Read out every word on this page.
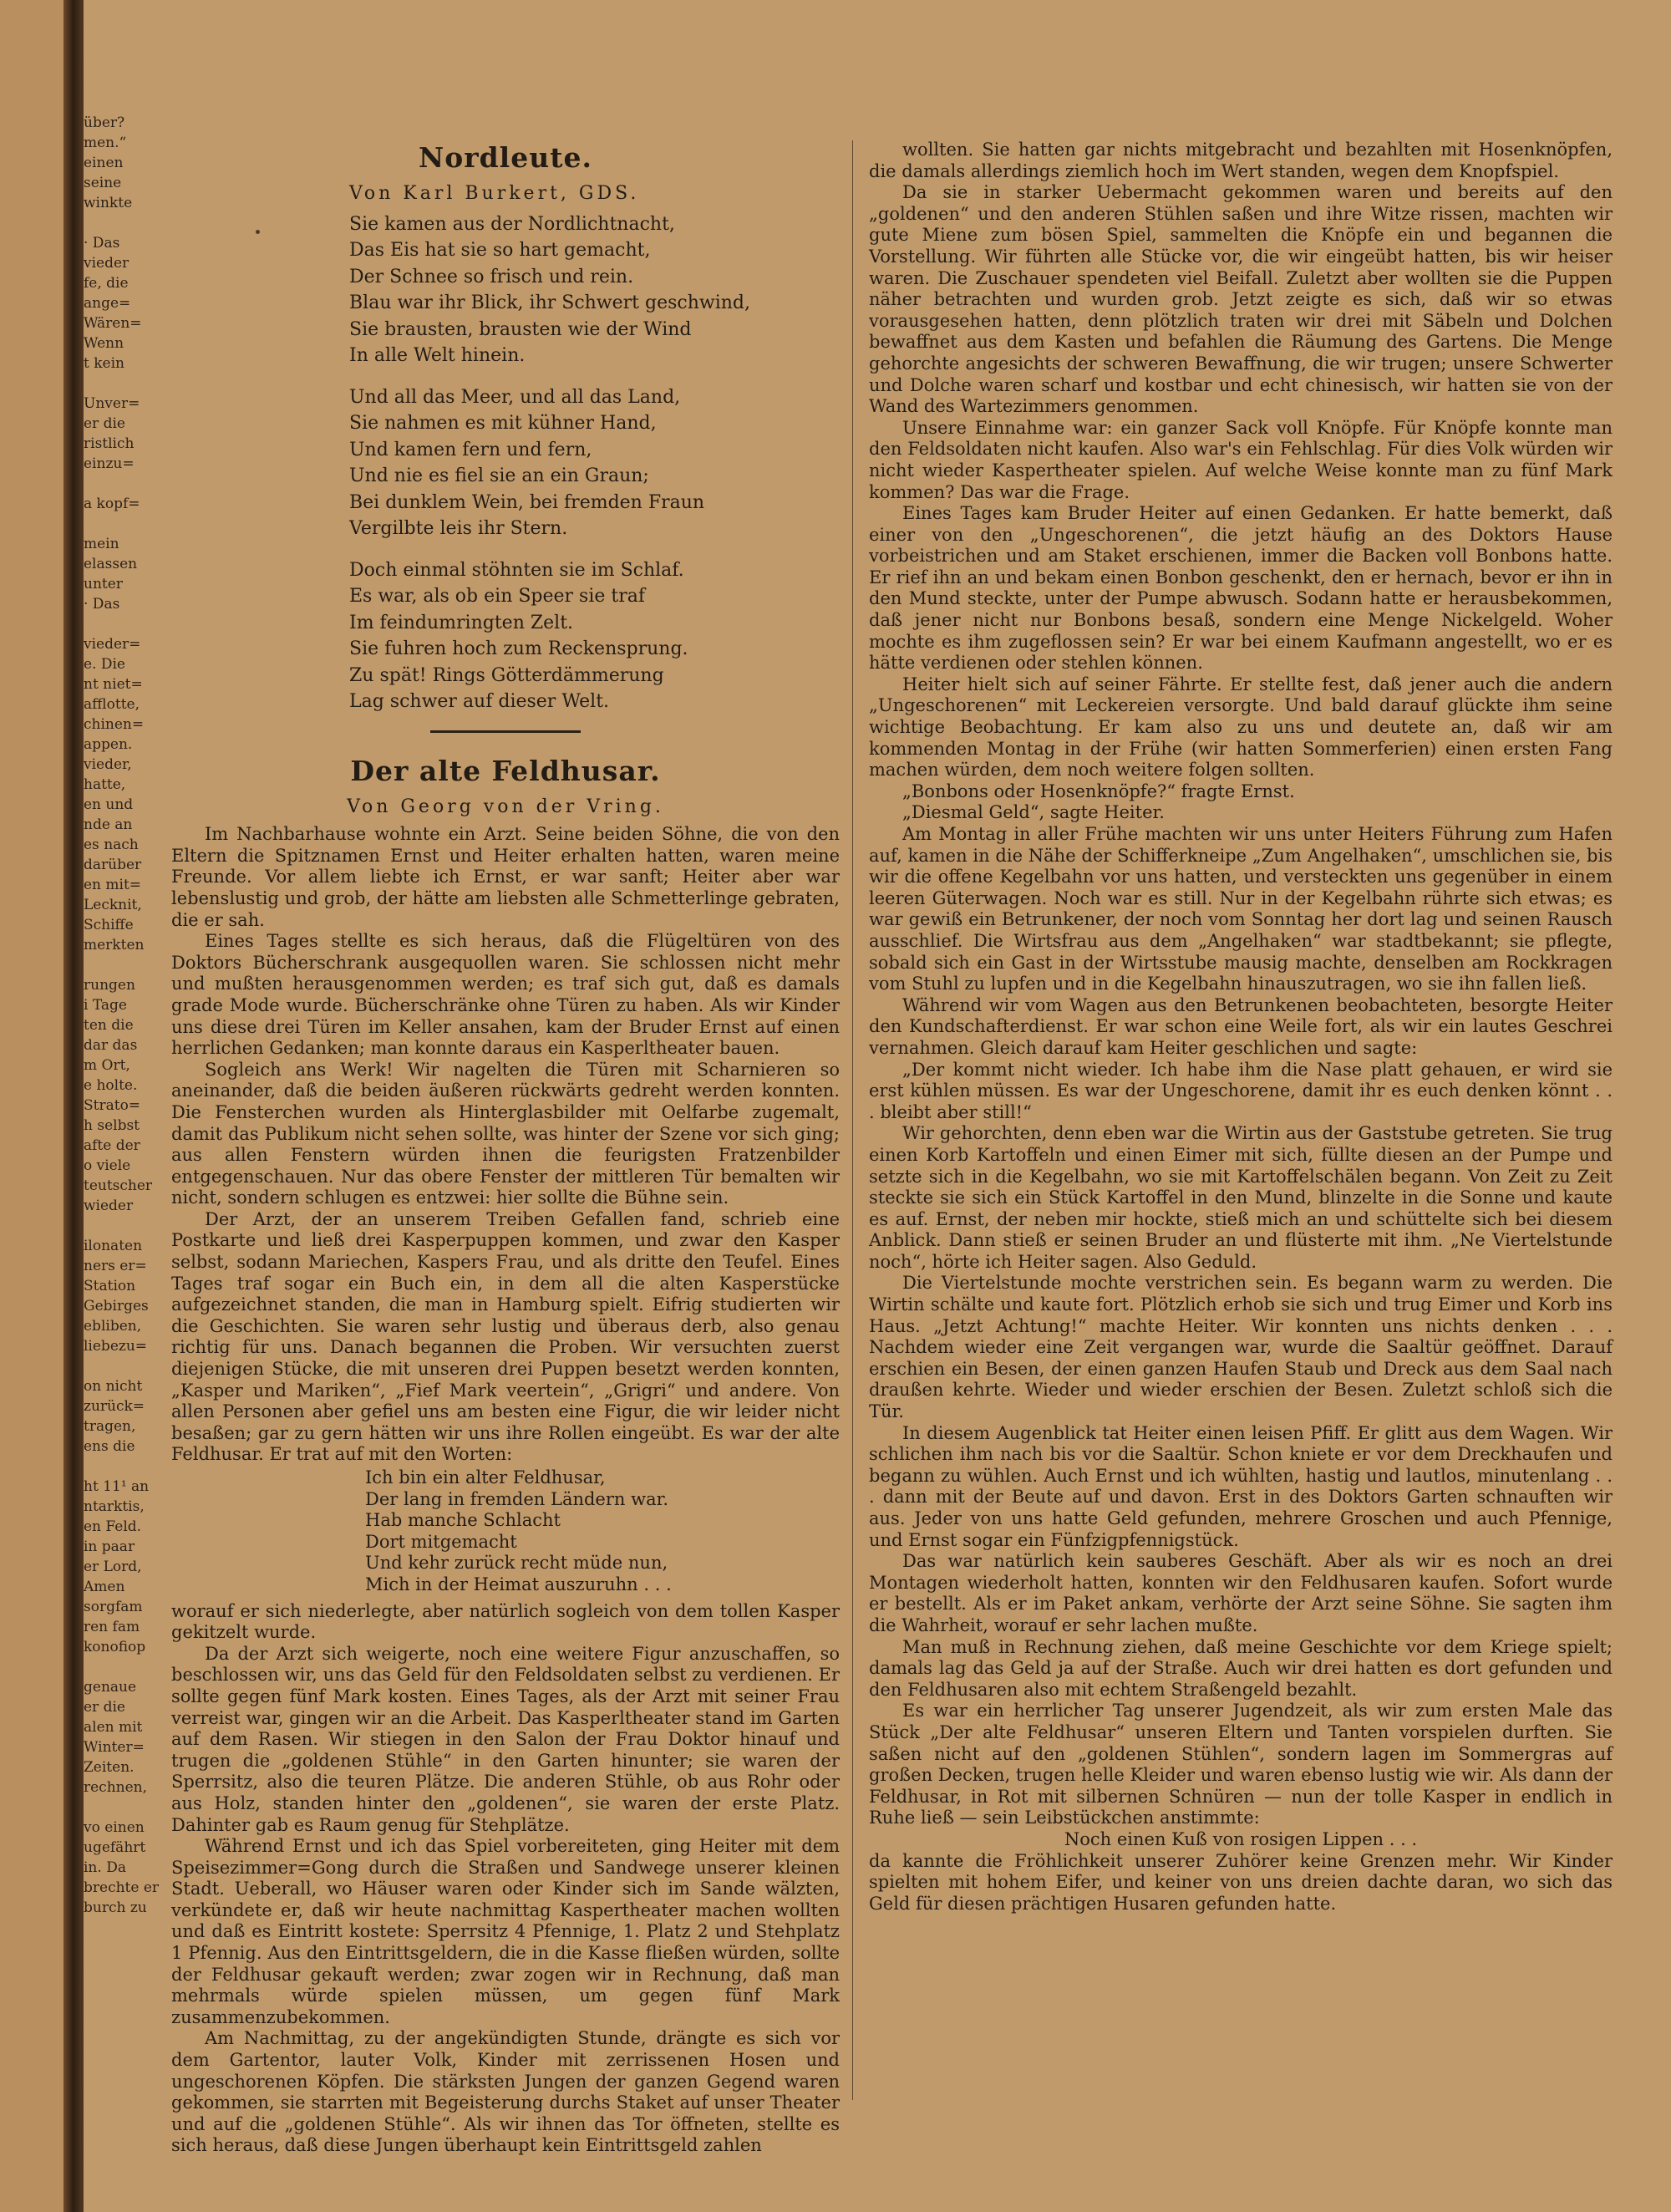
über?
men.“
einen
seine
winkte

· Das
vieder
fe, die
ange=
Wären=
Wenn
t kein

Unver=
er die
ristlich
einzu=

a kopf=

mein
elassen
unter
· Das

vieder=
e. Die
nt niet=
afflotte,
chinen=
appen.
vieder,
hatte,
en und
nde an
es nach
darüber
en mit=
Lecknit,
Schiffe
merkten

rungen
i Tage
ten die
dar das
m Ort,
e holte.
Strato=
h selbst
afte der
o viele
teutscher
wieder

ilonaten
ners er=
Station
Gebirges
ebliben,
liebezu=

on nicht
zurück=
tragen,
ens die

ht 11¹ an
ntarktis,
en Feld.
in paar
er Lord,
Amen
sorgfam
ren fam
konofiop

genaue
er die
alen mit
Winter=
Zeiten.
rechnen,

vo einen
ugefährt
in. Da
brechte er
burch zu
Nordleute.
Von Karl Burkert, GDS.
Sie kamen aus der Nordlichtnacht,
Das Eis hat sie so hart gemacht,
Der Schnee so frisch und rein.
Blau war ihr Blick, ihr Schwert geschwind,
Sie brausten, brausten wie der Wind
In alle Welt hinein.
Und all das Meer, und all das Land,
Sie nahmen es mit kühner Hand,
Und kamen fern und fern,
Und nie es fiel sie an ein Graun;
Bei dunklem Wein, bei fremden Fraun
Vergilbte leis ihr Stern.
Doch einmal stöhnten sie im Schlaf.
Es war, als ob ein Speer sie traf
Im feindumringten Zelt.
Sie fuhren hoch zum Reckensprung.
Zu spät! Rings Götterdämmerung
Lag schwer auf dieser Welt.
Der alte Feldhusar.
Von Georg von der Vring.

Im Nachbarhause wohnte ein Arzt. Seine beiden Söhne, die von den Eltern die Spitznamen Ernst und Heiter erhalten hatten, waren meine Freunde. Vor allem liebte ich Ernst, er war sanft; Heiter aber war lebenslustig und grob, der hätte am liebsten alle Schmetterlinge gebraten, die er sah.

Eines Tages stellte es sich heraus, daß die Flügeltüren von des Doktors Bücherschrank ausgequollen waren. Sie schlossen nicht mehr und mußten herausgenommen werden; es traf sich gut, daß es damals grade Mode wurde. Bücherschränke ohne Türen zu haben. Als wir Kinder uns diese drei Türen im Keller ansahen, kam der Bruder Ernst auf einen herrlichen Gedanken; man konnte daraus ein Kasperltheater bauen.

Sogleich ans Werk! Wir nagelten die Türen mit Scharnieren so aneinander, daß die beiden äußeren rückwärts gedreht werden konnten. Die Fensterchen wurden als Hinterglasbilder mit Oelfarbe zugemalt, damit das Publikum nicht sehen sollte, was hinter der Szene vor sich ging; aus allen Fenstern würden ihnen die feurigsten Fratzenbilder entgegenschauen. Nur das obere Fenster der mittleren Tür bemalten wir nicht, sondern schlugen es entzwei: hier sollte die Bühne sein.

Der Arzt, der an unserem Treiben Gefallen fand, schrieb eine Postkarte und ließ drei Kasperpuppen kommen, und zwar den Kasper selbst, sodann Mariechen, Kaspers Frau, und als dritte den Teufel. Eines Tages traf sogar ein Buch ein, in dem all die alten Kasperstücke aufgezeichnet standen, die man in Hamburg spielt. Eifrig studierten wir die Geschichten. Sie waren sehr lustig und überaus derb, also genau richtig für uns. Danach begannen die Proben. Wir versuchten zuerst diejenigen Stücke, die mit unseren drei Puppen besetzt werden konnten, „Kasper und Mariken“, „Fief Mark veertein“, „Grigri“ und andere. Von allen Personen aber gefiel uns am besten eine Figur, die wir leider nicht besaßen; gar zu gern hätten wir uns ihre Rollen eingeübt. Es war der alte Feldhusar. Er trat auf mit den Worten:

Ich bin ein alter Feldhusar,
Der lang in fremden Ländern war.
Hab manche Schlacht
Dort mitgemacht
Und kehr zurück recht müde nun,
Mich in der Heimat auszuruhn . . .

worauf er sich niederlegte, aber natürlich sogleich von dem tollen Kasper gekitzelt wurde.

Da der Arzt sich weigerte, noch eine weitere Figur anzuschaffen, so beschlossen wir, uns das Geld für den Feldsoldaten selbst zu verdienen. Er sollte gegen fünf Mark kosten. Eines Tages, als der Arzt mit seiner Frau verreist war, gingen wir an die Arbeit. Das Kasperltheater stand im Garten auf dem Rasen. Wir stiegen in den Salon der Frau Doktor hinauf und trugen die „goldenen Stühle“ in den Garten hinunter; sie waren der Sperrsitz, also die teuren Plätze. Die anderen Stühle, ob aus Rohr oder aus Holz, standen hinter den „goldenen“, sie waren der erste Platz. Dahinter gab es Raum genug für Stehplätze.

Während Ernst und ich das Spiel vorbereiteten, ging Heiter mit dem Speisezimmer=Gong durch die Straßen und Sandwege unserer kleinen Stadt. Ueberall, wo Häuser waren oder Kinder sich im Sande wälzten, verkündete er, daß wir heute nachmittag Kaspertheater machen wollten und daß es Eintritt kostete: Sperrsitz 4 Pfennige, 1. Platz 2 und Stehplatz 1 Pfennig. Aus den Eintrittsgeldern, die in die Kasse fließen würden, sollte der Feldhusar gekauft werden; zwar zogen wir in Rechnung, daß man mehrmals würde spielen müssen, um gegen fünf Mark zusammenzubekommen.

Am Nachmittag, zu der angekündigten Stunde, drängte es sich vor dem Gartentor, lauter Volk, Kinder mit zerrissenen Hosen und ungeschorenen Köpfen. Die stärksten Jungen der ganzen Gegend waren gekommen, sie starrten mit Begeisterung durchs Staket auf unser Theater und auf die „goldenen Stühle“. Als wir ihnen das Tor öffneten, stellte es sich heraus, daß diese Jungen überhaupt kein Eintrittsgeld zahlen

wollten. Sie hatten gar nichts mitgebracht und bezahlten mit Hosenknöpfen, die damals allerdings ziemlich hoch im Wert standen, wegen dem Knopfspiel.

Da sie in starker Uebermacht gekommen waren und bereits auf den „goldenen“ und den anderen Stühlen saßen und ihre Witze rissen, machten wir gute Miene zum bösen Spiel, sammelten die Knöpfe ein und begannen die Vorstellung. Wir führten alle Stücke vor, die wir eingeübt hatten, bis wir heiser waren. Die Zuschauer spendeten viel Beifall. Zuletzt aber wollten sie die Puppen näher betrachten und wurden grob. Jetzt zeigte es sich, daß wir so etwas vorausgesehen hatten, denn plötzlich traten wir drei mit Säbeln und Dolchen bewaffnet aus dem Kasten und befahlen die Räumung des Gartens. Die Menge gehorchte angesichts der schweren Bewaffnung, die wir trugen; unsere Schwerter und Dolche waren scharf und kostbar und echt chinesisch, wir hatten sie von der Wand des Wartezimmers genommen.

Unsere Einnahme war: ein ganzer Sack voll Knöpfe. Für Knöpfe konnte man den Feldsoldaten nicht kaufen. Also war's ein Fehlschlag. Für dies Volk würden wir nicht wieder Kaspertheater spielen. Auf welche Weise konnte man zu fünf Mark kommen? Das war die Frage.

Eines Tages kam Bruder Heiter auf einen Gedanken. Er hatte bemerkt, daß einer von den „Ungeschorenen“, die jetzt häufig an des Doktors Hause vorbeistrichen und am Staket erschienen, immer die Backen voll Bonbons hatte. Er rief ihn an und bekam einen Bonbon geschenkt, den er hernach, bevor er ihn in den Mund steckte, unter der Pumpe abwusch. Sodann hatte er herausbekommen, daß jener nicht nur Bonbons besaß, sondern eine Menge Nickelgeld. Woher mochte es ihm zugeflossen sein? Er war bei einem Kaufmann angestellt, wo er es hätte verdienen oder stehlen können.

Heiter hielt sich auf seiner Fährte. Er stellte fest, daß jener auch die andern „Ungeschorenen“ mit Leckereien versorgte. Und bald darauf glückte ihm seine wichtige Beobachtung. Er kam also zu uns und deutete an, daß wir am kommenden Montag in der Frühe (wir hatten Sommerferien) einen ersten Fang machen würden, dem noch weitere folgen sollten.

„Bonbons oder Hosenknöpfe?“ fragte Ernst.

„Diesmal Geld“, sagte Heiter.

Am Montag in aller Frühe machten wir uns unter Heiters Führung zum Hafen auf, kamen in die Nähe der Schifferkneipe „Zum Angelhaken“, umschlichen sie, bis wir die offene Kegelbahn vor uns hatten, und versteckten uns gegenüber in einem leeren Güterwagen. Noch war es still. Nur in der Kegelbahn rührte sich etwas; es war gewiß ein Betrunkener, der noch vom Sonntag her dort lag und seinen Rausch ausschlief. Die Wirtsfrau aus dem „Angelhaken“ war stadtbekannt; sie pflegte, sobald sich ein Gast in der Wirtsstube mausig machte, denselben am Rockkragen vom Stuhl zu lupfen und in die Kegelbahn hinauszutragen, wo sie ihn fallen ließ.

Während wir vom Wagen aus den Betrunkenen beobachteten, besorgte Heiter den Kundschafterdienst. Er war schon eine Weile fort, als wir ein lautes Geschrei vernahmen. Gleich darauf kam Heiter geschlichen und sagte:

„Der kommt nicht wieder. Ich habe ihm die Nase platt gehauen, er wird sie erst kühlen müssen. Es war der Ungeschorene, damit ihr es euch denken könnt . . . bleibt aber still!“

Wir gehorchten, denn eben war die Wirtin aus der Gaststube getreten. Sie trug einen Korb Kartoffeln und einen Eimer mit sich, füllte diesen an der Pumpe und setzte sich in die Kegelbahn, wo sie mit Kartoffelschälen begann. Von Zeit zu Zeit steckte sie sich ein Stück Kartoffel in den Mund, blinzelte in die Sonne und kaute es auf. Ernst, der neben mir hockte, stieß mich an und schüttelte sich bei diesem Anblick. Dann stieß er seinen Bruder an und flüsterte mit ihm. „Ne Viertelstunde noch“, hörte ich Heiter sagen. Also Geduld.

Die Viertelstunde mochte verstrichen sein. Es begann warm zu werden. Die Wirtin schälte und kaute fort. Plötzlich erhob sie sich und trug Eimer und Korb ins Haus. „Jetzt Achtung!“ machte Heiter. Wir konnten uns nichts denken . . . Nachdem wieder eine Zeit vergangen war, wurde die Saaltür geöffnet. Darauf erschien ein Besen, der einen ganzen Haufen Staub und Dreck aus dem Saal nach draußen kehrte. Wieder und wieder erschien der Besen. Zuletzt schloß sich die Tür.

In diesem Augenblick tat Heiter einen leisen Pfiff. Er glitt aus dem Wagen. Wir schlichen ihm nach bis vor die Saaltür. Schon kniete er vor dem Dreckhaufen und begann zu wühlen. Auch Ernst und ich wühlten, hastig und lautlos, minutenlang . . . dann mit der Beute auf und davon. Erst in des Doktors Garten schnauften wir aus. Jeder von uns hatte Geld gefunden, mehrere Groschen und auch Pfennige, und Ernst sogar ein Fünfzigpfennigstück.

Das war natürlich kein sauberes Geschäft. Aber als wir es noch an drei Montagen wiederholt hatten, konnten wir den Feldhusaren kaufen. Sofort wurde er bestellt. Als er im Paket ankam, verhörte der Arzt seine Söhne. Sie sagten ihm die Wahrheit, worauf er sehr lachen mußte.

Man muß in Rechnung ziehen, daß meine Geschichte vor dem Kriege spielt; damals lag das Geld ja auf der Straße. Auch wir drei hatten es dort gefunden und den Feldhusaren also mit echtem Straßengeld bezahlt.

Es war ein herrlicher Tag unserer Jugendzeit, als wir zum ersten Male das Stück „Der alte Feldhusar“ unseren Eltern und Tanten vorspielen durften. Sie saßen nicht auf den „goldenen Stühlen“, sondern lagen im Sommergras auf großen Decken, trugen helle Kleider und waren ebenso lustig wie wir. Als dann der Feldhusar, in Rot mit silbernen Schnüren — nun der tolle Kasper in endlich in Ruhe ließ — sein Leibstückchen anstimmte:

Noch einen Kuß von rosigen Lippen . . .

da kannte die Fröhlichkeit unserer Zuhörer keine Grenzen mehr. Wir Kinder spielten mit hohem Eifer, und keiner von uns dreien dachte daran, wo sich das Geld für diesen prächtigen Husaren gefunden hatte.
